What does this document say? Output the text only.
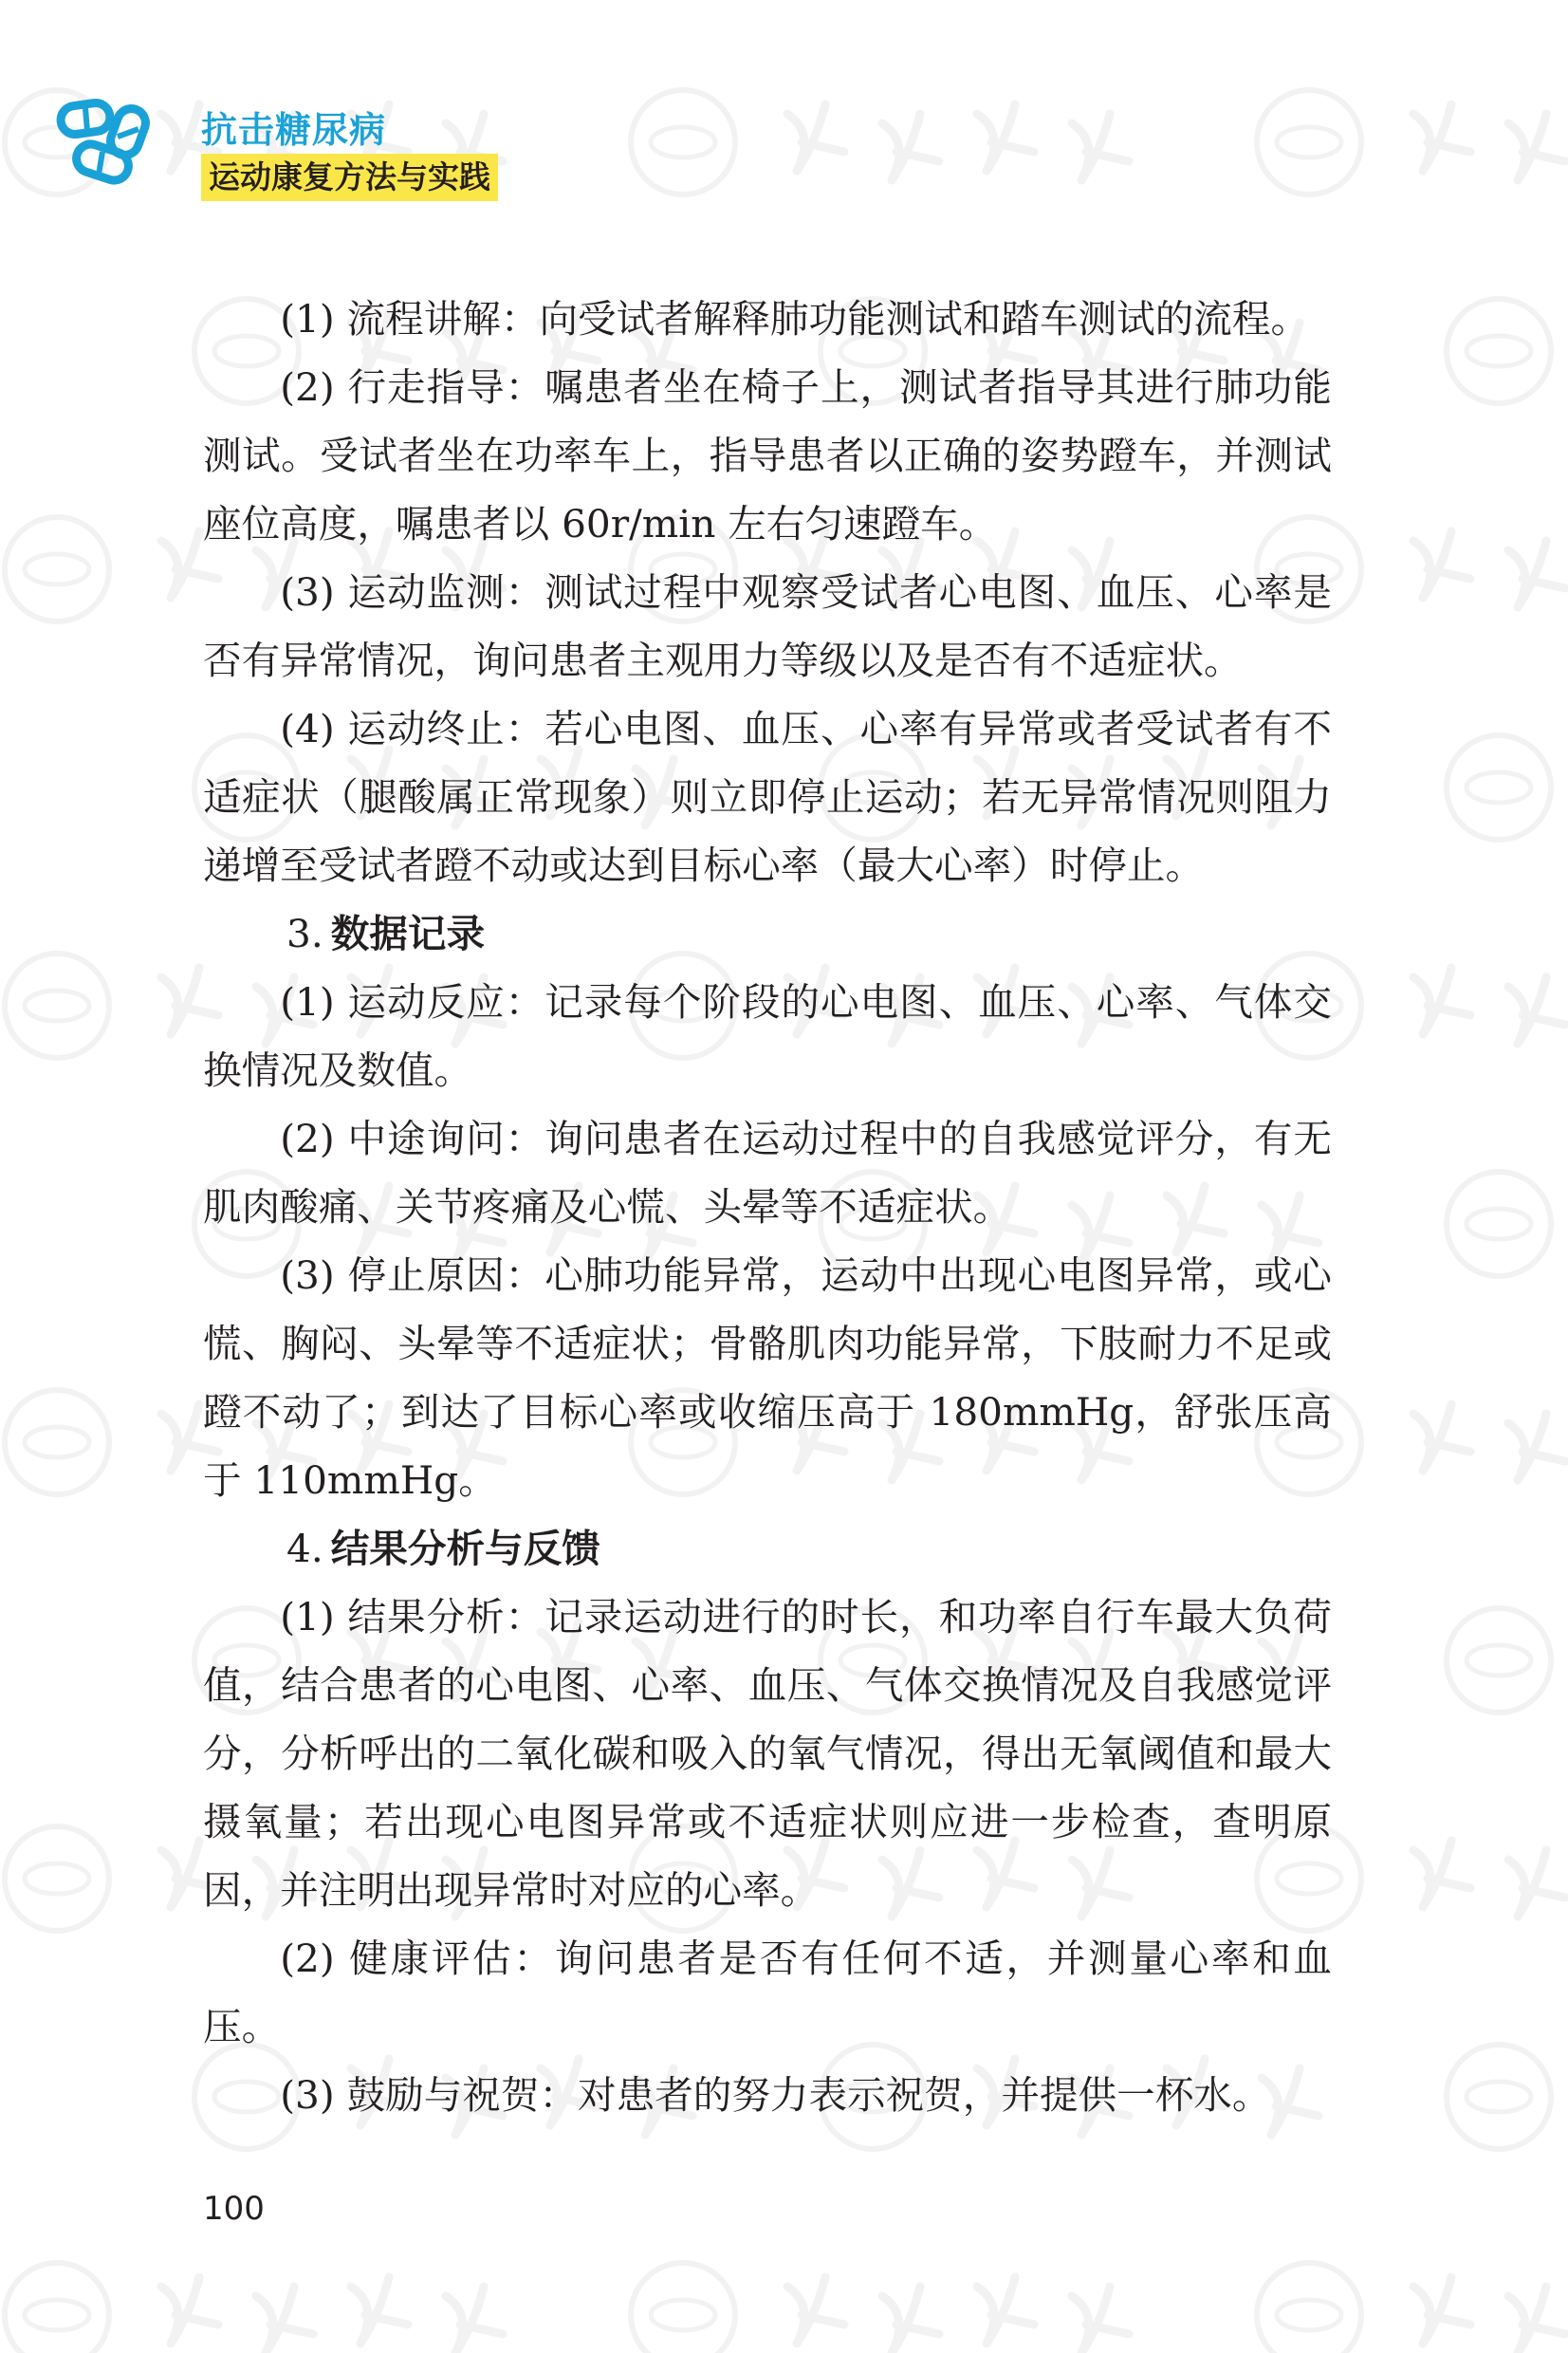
抗击糖尿病
运动康复方法与实践

(1) 流程讲解：向受试者解释肺功能测试和踏车测试的流程。

(2) 行走指导：嘱患者坐在椅子上，测试者指导其进行肺功能测试。受试者坐在功率车上，指导患者以正确的姿势蹬车，并测试座位高度，嘱患者以 60r/min 左右匀速蹬车。

(3) 运动监测：测试过程中观察受试者心电图、血压、心率是否有异常情况，询问患者主观用力等级以及是否有不适症状。

(4) 运动终止：若心电图、血压、心率有异常或者受试者有不适症状（腿酸属正常现象）则立即停止运动；若无异常情况则阻力递增至受试者蹬不动或达到目标心率（最大心率）时停止。

3. 数据记录

(1) 运动反应：记录每个阶段的心电图、血压、心率、气体交换情况及数值。

(2) 中途询问：询问患者在运动过程中的自我感觉评分，有无肌肉酸痛、关节疼痛及心慌、头晕等不适症状。

(3) 停止原因：心肺功能异常，运动中出现心电图异常，或心慌、胸闷、头晕等不适症状；骨骼肌肉功能异常，下肢耐力不足或蹬不动了；到达了目标心率或收缩压高于 180mmHg，舒张压高于 110mmHg。

4. 结果分析与反馈

(1) 结果分析：记录运动进行的时长，和功率自行车最大负荷值，结合患者的心电图、心率、血压、气体交换情况及自我感觉评分，分析呼出的二氧化碳和吸入的氧气情况，得出无氧阈值和最大摄氧量；若出现心电图异常或不适症状则应进一步检查，查明原因，并注明出现异常时对应的心率。

(2) 健康评估：询问患者是否有任何不适，并测量心率和血压。

(3) 鼓励与祝贺：对患者的努力表示祝贺，并提供一杯水。

100
